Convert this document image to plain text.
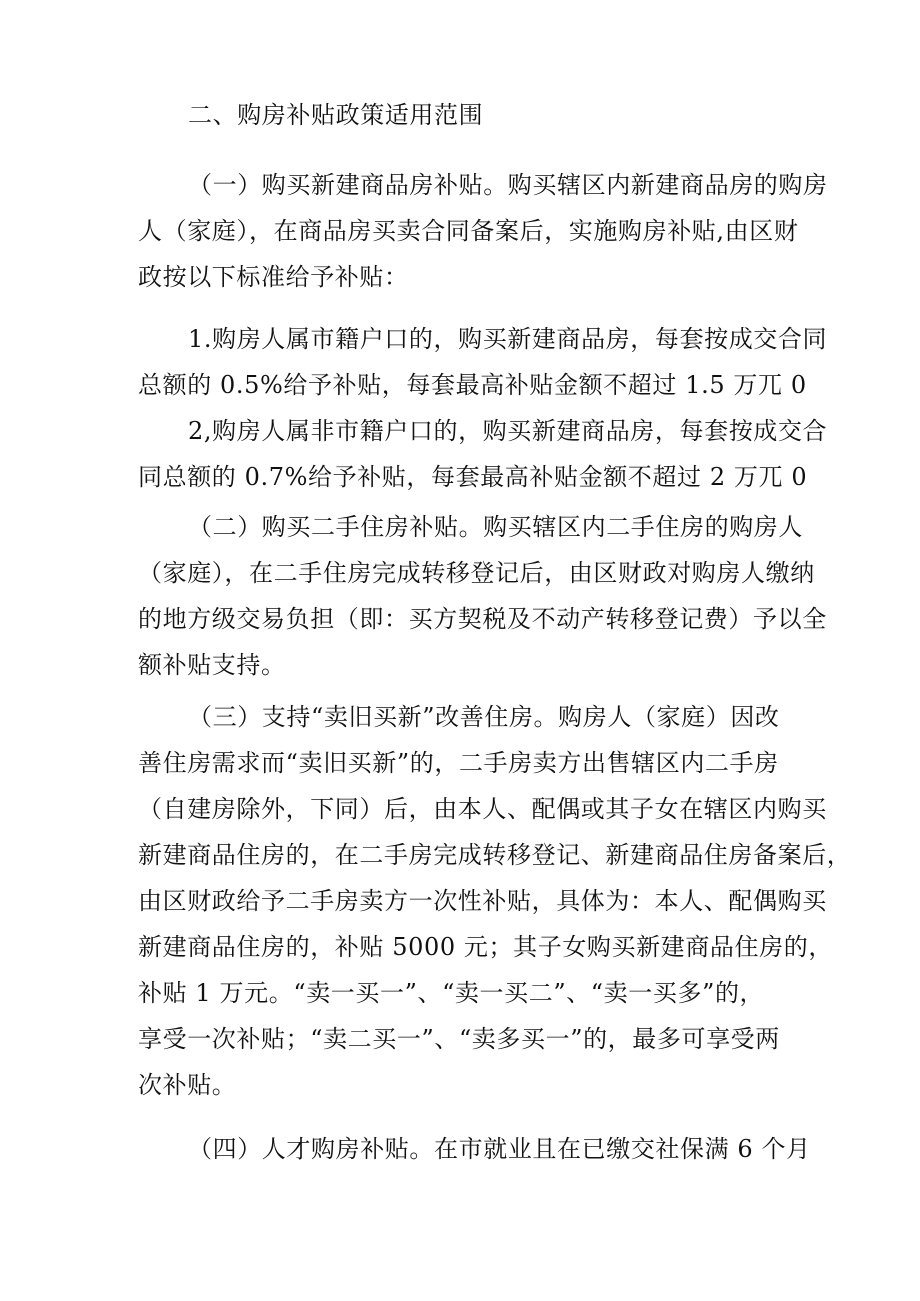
二、购房补贴政策适用范围
（一）购买新建商品房补贴。购买辖区内新建商品房的购房
人（家庭），在商品房买卖合同备案后，实施购房补贴,由区财
政按以下标准给予补贴：
1.购房人属市籍户口的，购买新建商品房，每套按成交合同
总额的 0.5%给予补贴，每套最高补贴金额不超过 1.5 万兀 0
2,购房人属非市籍户口的，购买新建商品房，每套按成交合
同总额的 0.7%给予补贴，每套最高补贴金额不超过 2 万兀 0
（二）购买二手住房补贴。购买辖区内二手住房的购房人
（家庭），在二手住房完成转移登记后，由区财政对购房人缴纳
的地方级交易负担（即：买方契税及不动产转移登记费）予以全
额补贴支持。
（三）支持“卖旧买新”改善住房。购房人（家庭）因改
善住房需求而“卖旧买新”的，二手房卖方出售辖区内二手房
（自建房除外，下同）后，由本人、配偶或其子女在辖区内购买
新建商品住房的，在二手房完成转移登记、新建商品住房备案后，
由区财政给予二手房卖方一次性补贴，具体为：本人、配偶购买
新建商品住房的，补贴 5000 元；其子女购买新建商品住房的，
补贴 1 万元。“卖一买一”、“卖一买二”、“卖一买多”的，
享受一次补贴；“卖二买一”、“卖多买一”的，最多可享受两
次补贴。
（四）人才购房补贴。在市就业且在已缴交社保满 6 个月
